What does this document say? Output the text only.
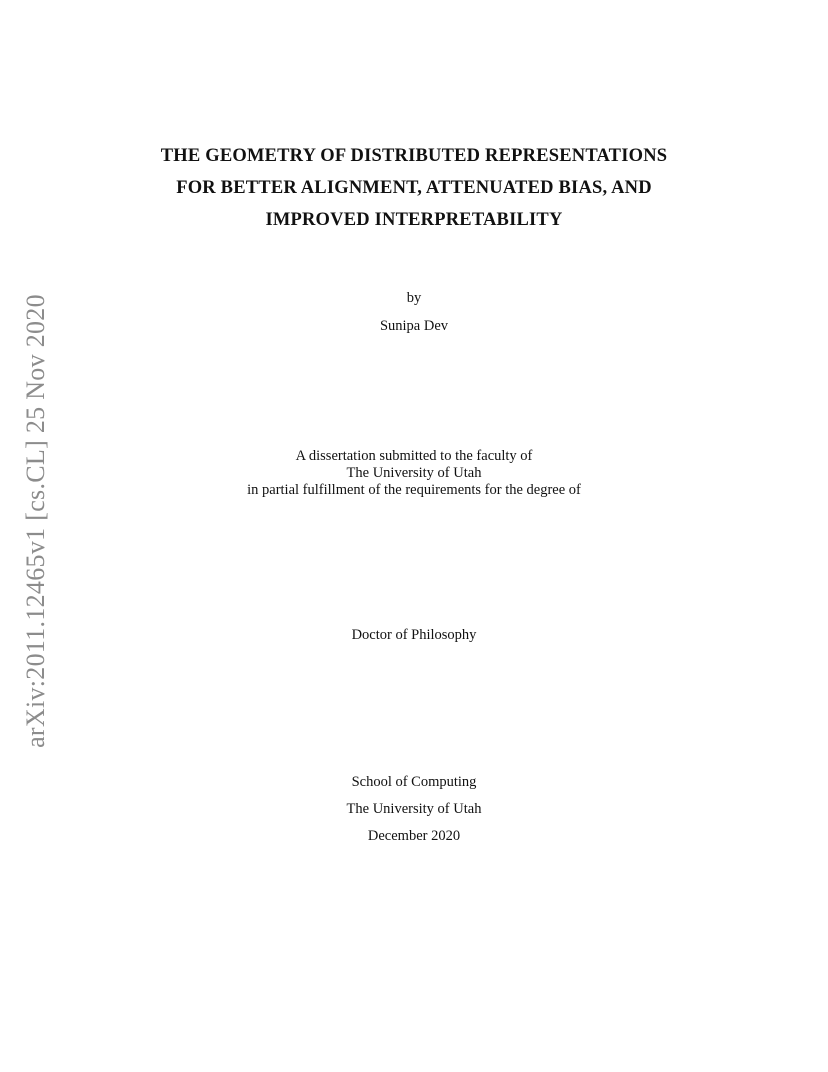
arXiv:2011.12465v1 [cs.CL] 25 Nov 2020
THE GEOMETRY OF DISTRIBUTED REPRESENTATIONS
FOR BETTER ALIGNMENT, ATTENUATED BIAS, AND
IMPROVED INTERPRETABILITY
by
Sunipa Dev
A dissertation submitted to the faculty of
The University of Utah
in partial fulfillment of the requirements for the degree of
Doctor of Philosophy
School of Computing
The University of Utah
December 2020
